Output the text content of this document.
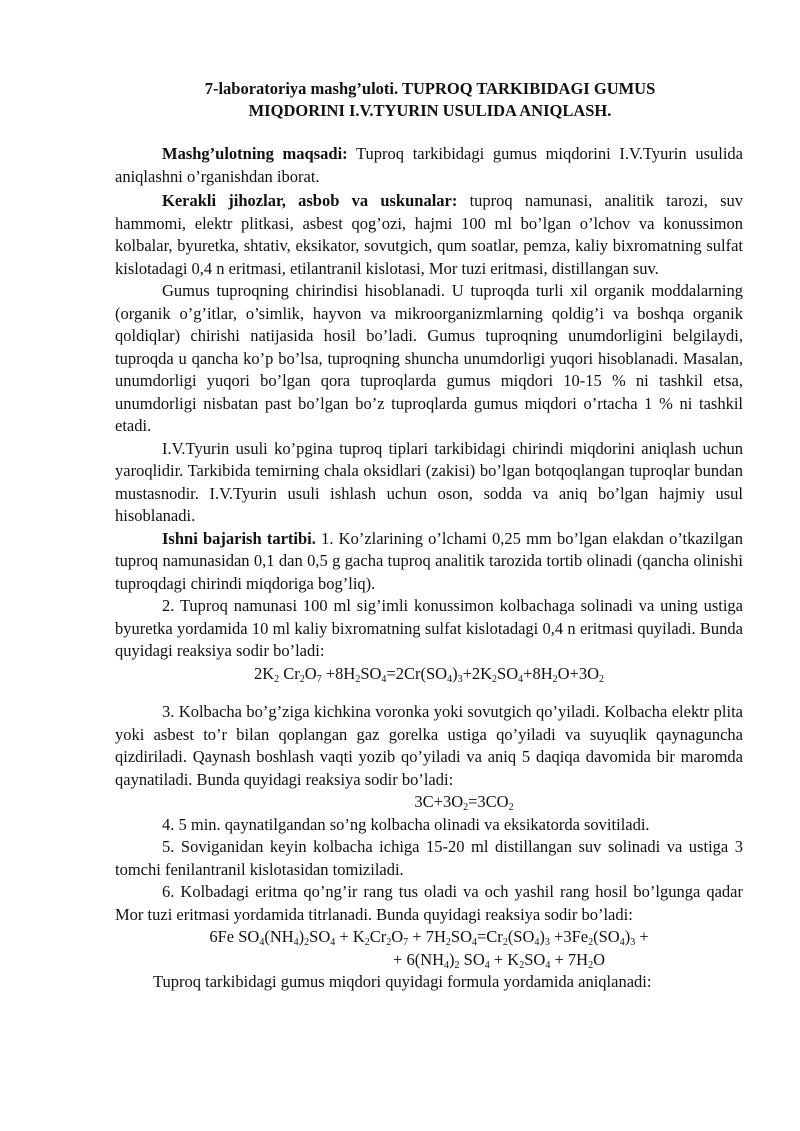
7-laboratoriya mashg’uloti. TUPROQ TARKIBIDAGI GUMUS
MIQDORINI I.V.TYURIN USULIDA ANIQLASH.

Mashg’ulotning maqsadi: Tuproq tarkibidagi gumus miqdorini I.V.Tyurin usulida aniqlashni o’rganishdan iborat.

Kerakli jihozlar, asbob va uskunalar: tuproq namunasi, analitik tarozi, suv hammomi, elektr plitkasi, asbest qog’ozi, hajmi 100 ml bo’lgan o’lchov va konussimon kolbalar, byuretka, shtativ, eksikator, sovutgich, qum soatlar, pemza, kaliy bixromatning sulfat kislotadagi 0,4 n eritmasi, etilantranil kislotasi, Mor tuzi eritmasi, distillangan suv.

Gumus tuproqning chirindisi hisoblanadi. U tuproqda turli xil organik moddalarning (organik o’g’itlar, o’simlik, hayvon va mikroorganizmlarning qoldig’i va boshqa organik qoldiqlar) chirishi natijasida hosil bo’ladi. Gumus tuproqning unumdorligini belgilaydi, tuproqda u qancha ko’p bo’lsa, tuproqning shuncha unumdorligi yuqori hisoblanadi. Masalan, unumdorligi yuqori bo’lgan qora tuproqlarda gumus miqdori 10-15 % ni tashkil etsa, unumdorligi nisbatan past bo’lgan bo’z tuproqlarda gumus miqdori o’rtacha 1 % ni tashkil etadi.

I.V.Tyurin usuli ko’pgina tuproq tiplari tarkibidagi chirindi miqdorini aniqlash uchun yaroqlidir. Tarkibida temirning chala oksidlari (zakisi) bo’lgan botqoqlangan tuproqlar bundan mustasnodir. I.V.Tyurin usuli ishlash uchun oson, sodda va aniq bo’lgan hajmiy usul hisoblanadi.

Ishni bajarish tartibi. 1. Ko’zlarining o’lchami 0,25 mm bo’lgan elakdan o’tkazilgan tuproq namunasidan 0,1 dan 0,5 g gacha tuproq analitik tarozida tortib olinadi (qancha olinishi tuproqdagi chirindi miqdoriga bog’liq).

2. Tuproq namunasi 100 ml sig’imli konussimon kolbachaga solinadi va uning ustiga byuretka yordamida 10 ml kaliy bixromatning sulfat kislotadagi 0,4 n eritmasi quyiladi. Bunda quyidagi reaksiya sodir bo’ladi:

$2K_2$ $Cr_2O_7 +8H_2SO_4=2Cr(SO_4)_3+2K_2SO_4+8H_2O+3O_2$

3. Kolbacha bo’g’ziga kichkina voronka yoki sovutgich qo’yiladi. Kolbacha elektr plita yoki asbest to’r bilan qoplangan gaz gorelka ustiga qo’yiladi va suyuqlik qaynaguncha qizdiriladi. Qaynash boshlash vaqti yozib qo’yiladi va aniq 5 daqiqa davomida bir maromda qaynatiladi. Bunda quyidagi reaksiya sodir bo’ladi:

$3C+3O_2=3CO_2$

4. 5 min. qaynatilgandan so’ng kolbacha olinadi va eksikatorda sovitiladi.

5. Soviganidan keyin kolbacha ichiga 15-20 ml distillangan suv solinadi va ustiga 3 tomchi fenilantranil kislotasidan tomiziladi.

6. Kolbadagi eritma qo’ng’ir rang tus oladi va och yashil rang hosil bo’lgunga qadar Mor tuzi eritmasi yordamida titrlanadi. Bunda quyidagi reaksiya sodir bo’ladi:

6Fe $SO_4(NH_4)_2SO_4 + K_2Cr_2O_7 + 7H_2SO_4=Cr_2(SO_4)_3 +3Fe_2(SO_4)_3$ +

+ $6(NH_4)_2$ $SO_4 + K_2SO_4 + 7H_2O$

Tuproq tarkibidagi gumus miqdori quyidagi formula yordamida aniqlanadi:
